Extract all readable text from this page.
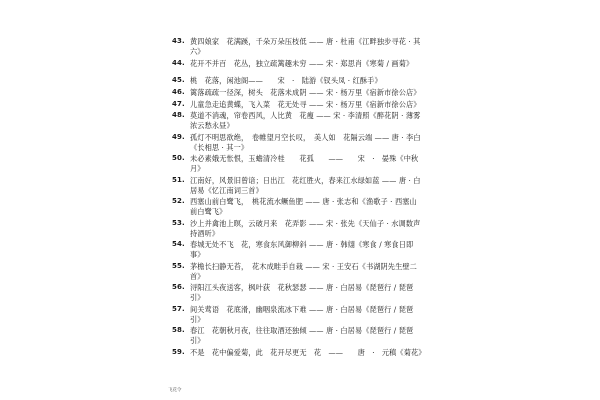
43. 黄四娘家　花满蹊，千朵万朵压枝低 —— 唐 · 杜甫《江畔独步寻花 · 其六》
44. 花开不并百　花丛，独立疏篱趣未穷 —— 宋 · 郑思肖《寒菊 / 画菊》
45. 桃　花落，闲池阁——　　宋　·　陆游《钗头凤 · 红酥手》
46. 篱落疏疏一径深，树头　花落未成阴 —— 宋 · 杨万里《宿新市徐公店》
47. 儿童急走追黄蝶，飞入菜　花无处寻 —— 宋 · 杨万里《宿新市徐公店》
48. 莫道不消魂，帘卷西风，人比黄　花瘦 —— 宋 · 李清照《醉花阴 · 薄雾浓云愁永昼》
49. 孤灯不明思欲绝，　卷帷望月空长叹，　美人如　花隔云端 —— 唐 · 李白《长相思 · 其一》
50. 未必素娥无怅恨，玉蟾清冷桂　　花孤　　——　　宋　·　晏殊《中秋月》
51. 江南好，风景旧曾谙；日出江　花红胜火，春来江水绿如蓝 —— 唐 · 白居易《忆江南词三首》
52. 西塞山前白鹭飞，　桃花流水鳜鱼肥 —— 唐 · 张志和《渔歌子 · 西塞山前白鹭飞》
53. 沙上并禽池上暝，云破月来　花弄影 —— 宋 · 张先《天仙子 · 水调数声持酒听》
54. 春城无处不飞　花，寒食东风御柳斜 —— 唐 · 韩翃《寒食 / 寒食日即事》
55. 茅檐长扫静无苔，　花木成畦手自栽 —— 宋 · 王安石《书湖阴先生壁二首》
56. 浔阳江头夜送客，枫叶荻　花秋瑟瑟 —— 唐 · 白居易《琵琶行 / 琵琶引》
57. 间关莺语　花底滑，幽咽泉流冰下难 —— 唐 · 白居易《琵琶行 / 琵琶引》
58. 春江　花朝秋月夜，往往取酒还独倾 —— 唐 · 白居易《琵琶行 / 琵琶引》
59. 不是　花中偏爱菊，此　花开尽更无　花　——　　唐　·　元稹《菊花》
飞花令
